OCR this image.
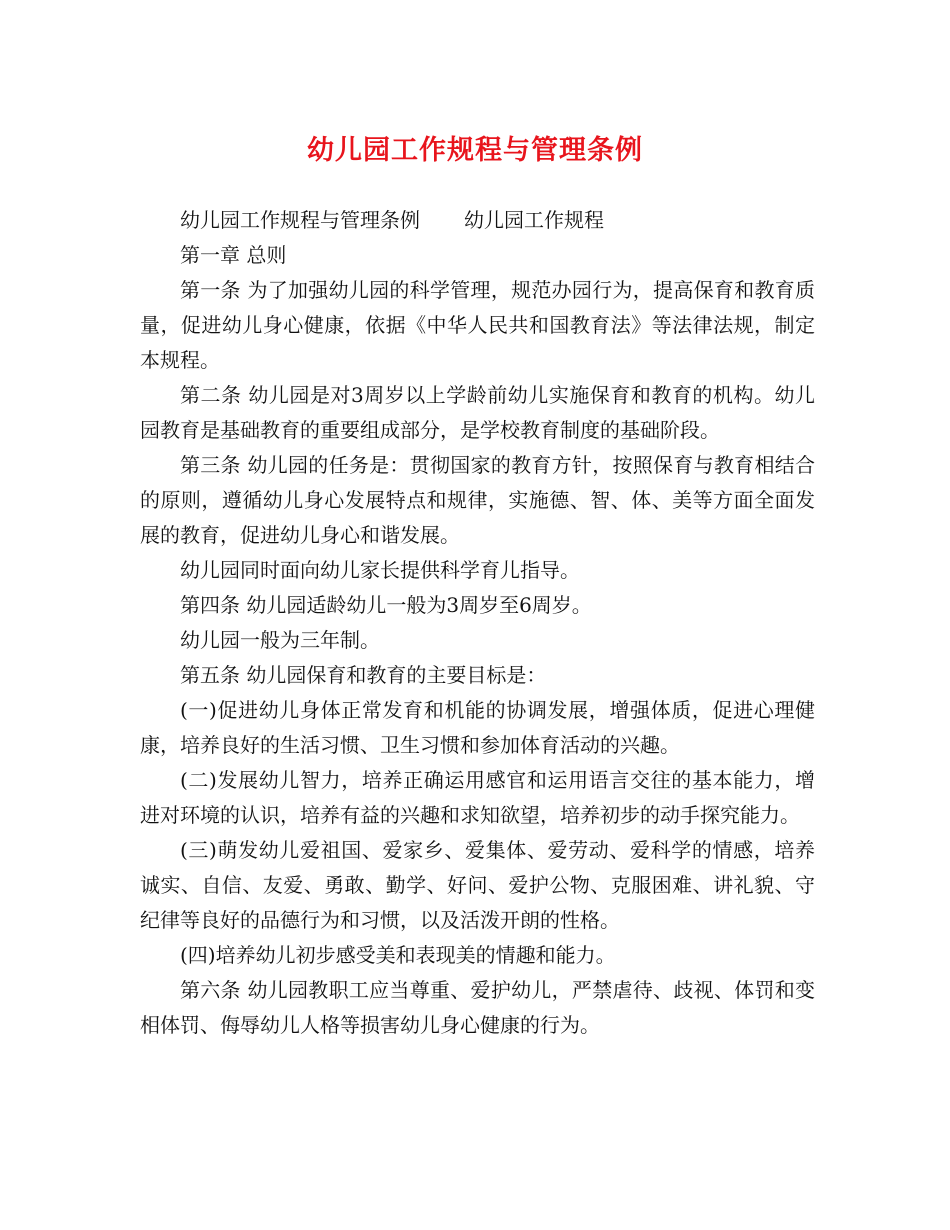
幼儿园工作规程与管理条例

幼儿园工作规程与管理条例 幼儿园工作规程

第一章 总则

第一条 为了加强幼儿园的科学管理，规范办园行为，提高保育和教育质量，促进幼儿身心健康，依据《中华人民共和国教育法》等法律法规，制定本规程。

第二条 幼儿园是对3周岁以上学龄前幼儿实施保育和教育的机构。幼儿园教育是基础教育的重要组成部分，是学校教育制度的基础阶段。

第三条 幼儿园的任务是：贯彻国家的教育方针，按照保育与教育相结合的原则，遵循幼儿身心发展特点和规律，实施德、智、体、美等方面全面发展的教育，促进幼儿身心和谐发展。

幼儿园同时面向幼儿家长提供科学育儿指导。

第四条 幼儿园适龄幼儿一般为3周岁至6周岁。

幼儿园一般为三年制。

第五条 幼儿园保育和教育的主要目标是：

(一)促进幼儿身体正常发育和机能的协调发展，增强体质，促进心理健康，培养良好的生活习惯、卫生习惯和参加体育活动的兴趣。

(二)发展幼儿智力，培养正确运用感官和运用语言交往的基本能力，增进对环境的认识，培养有益的兴趣和求知欲望，培养初步的动手探究能力。

(三)萌发幼儿爱祖国、爱家乡、爱集体、爱劳动、爱科学的情感，培养诚实、自信、友爱、勇敢、勤学、好问、爱护公物、克服困难、讲礼貌、守纪律等良好的品德行为和习惯，以及活泼开朗的性格。

(四)培养幼儿初步感受美和表现美的情趣和能力。

第六条 幼儿园教职工应当尊重、爱护幼儿，严禁虐待、歧视、体罚和变相体罚、侮辱幼儿人格等损害幼儿身心健康的行为。
